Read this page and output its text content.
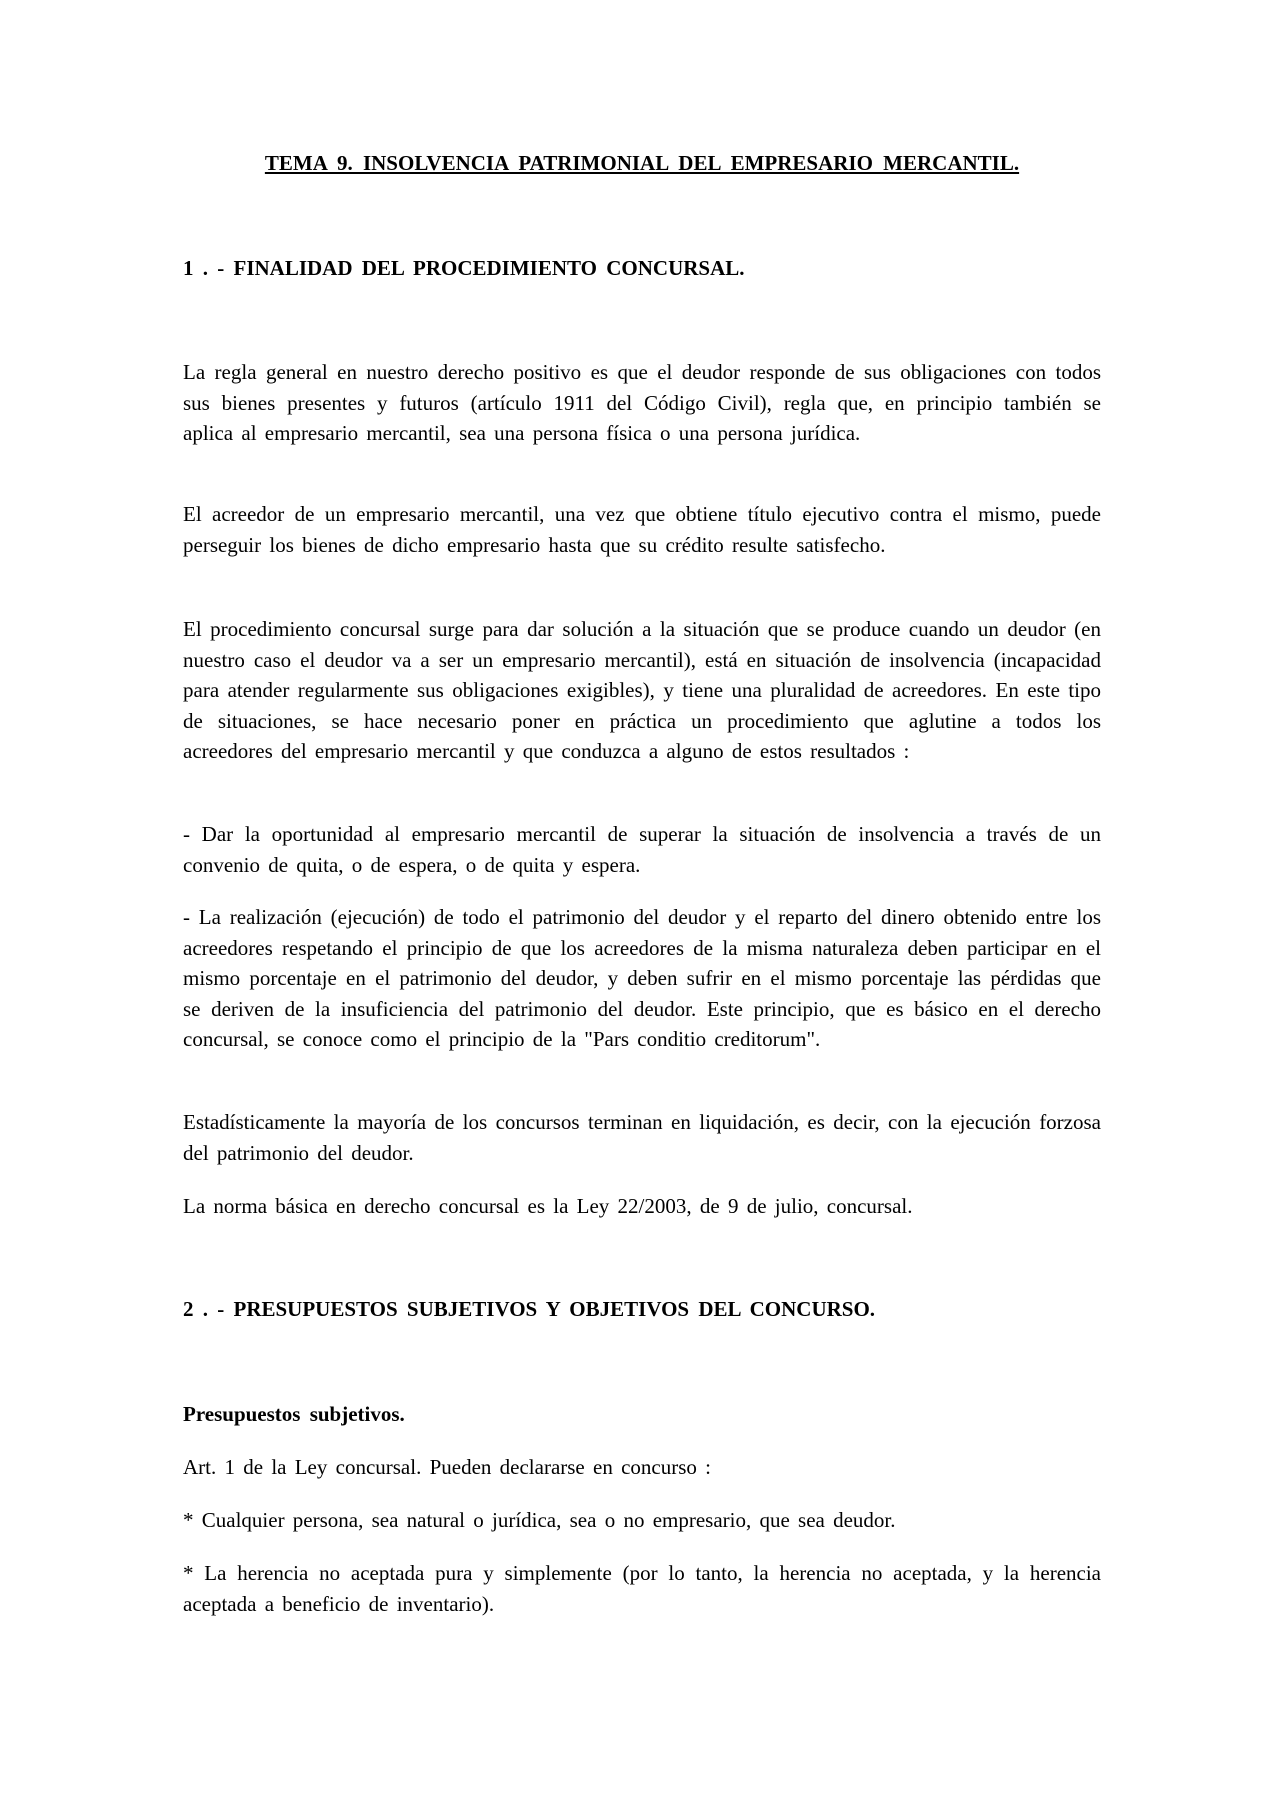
TEMA 9. INSOLVENCIA PATRIMONIAL DEL EMPRESARIO MERCANTIL.
1 . - FINALIDAD DEL PROCEDIMIENTO CONCURSAL.

La regla general en nuestro derecho positivo es que el deudor responde de sus obligaciones con todos sus bienes presentes y futuros (artículo 1911 del Código Civil), regla que, en principio también se aplica al empresario mercantil, sea una persona física o una persona jurídica.

El acreedor de un empresario mercantil, una vez que obtiene título ejecutivo contra el mismo, puede perseguir los bienes de dicho empresario hasta que su crédito resulte satisfecho.

El procedimiento concursal surge para dar solución a la situación que se produce cuando un deudor (en nuestro caso el deudor va a ser un empresario mercantil), está en situación de insolvencia (incapacidad para atender regularmente sus obligaciones exigibles), y tiene una pluralidad de acreedores. En este tipo de situaciones, se hace necesario poner en práctica un procedimiento que aglutine a todos los acreedores del empresario mercantil y que conduzca a alguno de estos resultados :

- Dar la oportunidad al empresario mercantil de superar la situación de insolvencia a través de un convenio de quita, o de espera, o de quita y espera.

- La realización (ejecución) de todo el patrimonio del deudor y el reparto del dinero obtenido entre los acreedores respetando el principio de que los acreedores de la misma naturaleza deben participar en el mismo porcentaje en el patrimonio del deudor, y deben sufrir en el mismo porcentaje las pérdidas que se deriven de la insuficiencia del patrimonio del deudor. Este principio, que es básico en el derecho concursal, se conoce como el principio de la "Pars conditio creditorum".

Estadísticamente la mayoría de los concursos terminan en liquidación, es decir, con la ejecución forzosa del patrimonio del deudor.

La norma básica en derecho concursal es la Ley 22/2003, de 9 de julio, concursal.

2 . - PRESUPUESTOS SUBJETIVOS Y OBJETIVOS DEL CONCURSO.
Presupuestos subjetivos.

Art. 1 de la Ley concursal. Pueden declararse en concurso :

* Cualquier persona, sea natural o jurídica, sea o no empresario, que sea deudor.

* La herencia no aceptada pura y simplemente (por lo tanto, la herencia no aceptada, y la herencia aceptada a beneficio de inventario).
